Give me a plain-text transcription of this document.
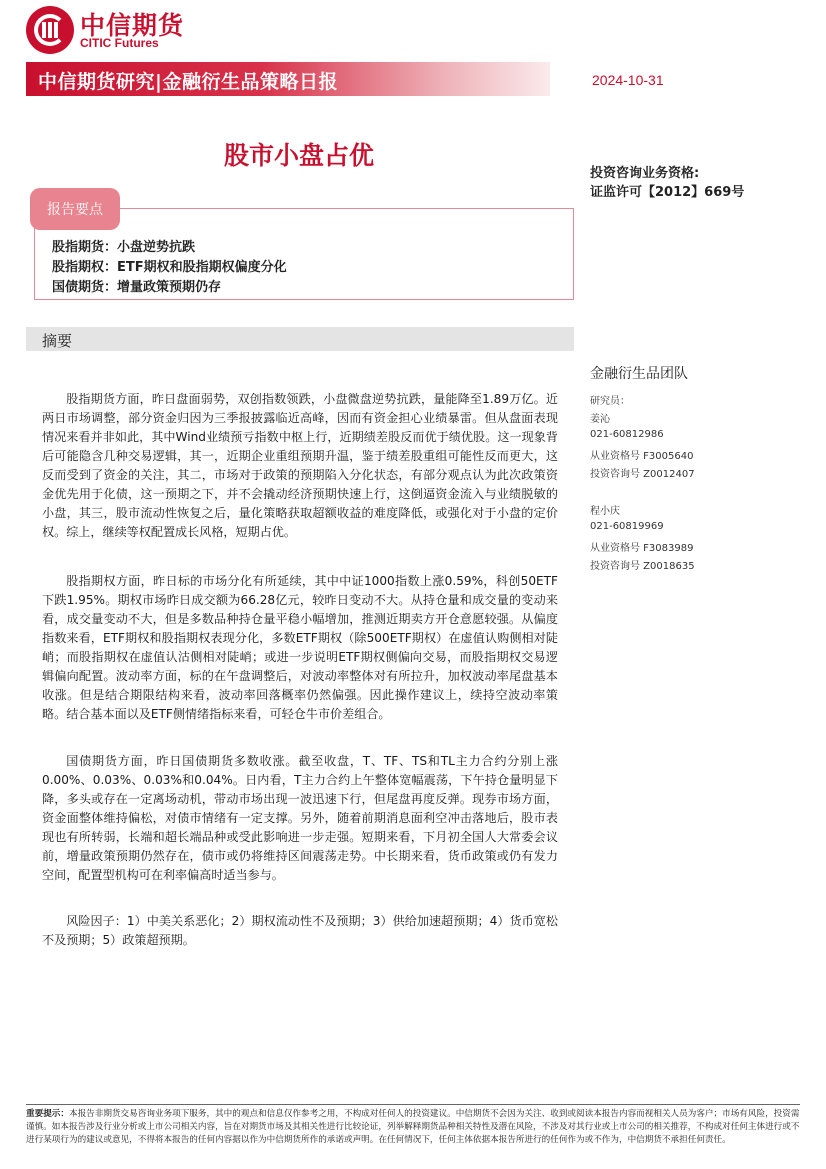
中信期货
CITIC Futures
中信期货研究|金融衍生品策略日报	2024-10-31
股市小盘占优
投资咨询业务资格:
证监许可【2012】669号
报告要点
股指期货：小盘逆势抗跌
股指期权：ETF期权和股指期权偏度分化
国债期货：增量政策预期仍存
摘要
金融衍生品团队
研究员：
姜沁
021-60812986
从业资格号 F3005640
投资咨询号 Z0012407
程小庆
021-60819969
从业资格号 F3083989
投资咨询号 Z0018635

股指期货方面，昨日盘面弱势，双创指数领跌，小盘微盘逆势抗跌，量能降至1.89万亿。近两日市场调整，部分资金归因为三季报披露临近高峰，因而有资金担心业绩暴雷。但从盘面表现情况来看并非如此，其中Wind业绩预亏指数中枢上行，近期绩差股反而优于绩优股。这一现象背后可能隐含几种交易逻辑，其一，近期企业重组预期升温，鉴于绩差股重组可能性反而更大，这反而受到了资金的关注，其二，市场对于政策的预期陷入分化状态，有部分观点认为此次政策资金优先用于化债，这一预期之下，并不会撬动经济预期快速上行，这倒逼资金流入与业绩脱敏的小盘，其三，股市流动性恢复之后，量化策略获取超额收益的难度降低，或强化对于小盘的定价权。综上，继续等权配置成长风格，短期占优。

股指期权方面，昨日标的市场分化有所延续，其中中证1000指数上涨0.59%，科创50ETF下跌1.95%。期权市场昨日成交额为66.28亿元，较昨日变动不大。从持仓量和成交量的变动来看，成交量变动不大，但是多数品种持仓量平稳小幅增加，推测近期卖方开仓意愿较强。从偏度指数来看，ETF期权和股指期权表现分化，多数ETF期权（除500ETF期权）在虚值认购侧相对陡峭；而股指期权在虚值认沽侧相对陡峭；或进一步说明ETF期权侧偏向交易，而股指期权交易逻辑偏向配置。波动率方面，标的在午盘调整后，对波动率整体对有所拉升，加权波动率尾盘基本收涨。但是结合期限结构来看，波动率回落概率仍然偏强。因此操作建议上，续持空波动率策略。结合基本面以及ETF侧情绪指标来看，可轻仓牛市价差组合。

国债期货方面，昨日国债期货多数收涨。截至收盘，T、TF、TS和TL主力合约分别上涨0.00%、0.03%、0.03%和0.04%。日内看，T主力合约上午整体宽幅震荡，下午持仓量明显下降，多头或存在一定离场动机，带动市场出现一波迅速下行，但尾盘再度反弹。现券市场方面，资金面整体维持偏松，对债市情绪有一定支撑。另外，随着前期消息面利空冲击落地后，股市表现也有所转弱，长端和超长端品种或受此影响进一步走强。短期来看，下月初全国人大常委会议前，增量政策预期仍然存在，债市或仍将维持区间震荡走势。中长期来看，货币政策或仍有发力空间，配置型机构可在利率偏高时适当参与。

风险因子：1）中美关系恶化；2）期权流动性不及预期；3）供给加速超预期；4）货币宽松不及预期；5）政策超预期。

重要提示：本报告非期货交易咨询业务项下服务，其中的观点和信息仅作参考之用，不构成对任何人的投资建议。中信期货不会因为关注、收到或阅读本报告内容而视相关人员为客户；市场有风险，投资需谨慎。如本报告涉及行业分析或上市公司相关内容，旨在对期货市场及其相关性进行比较论证，列举解释期货品种相关特性及潜在风险，不涉及对其行业或上市公司的相关推荐，不构成对任何主体进行或不进行某项行为的建议或意见，不得将本报告的任何内容据以作为中信期货所作的承诺或声明。在任何情况下，任何主体依据本报告所进行的任何作为或不作为，中信期货不承担任何责任。
